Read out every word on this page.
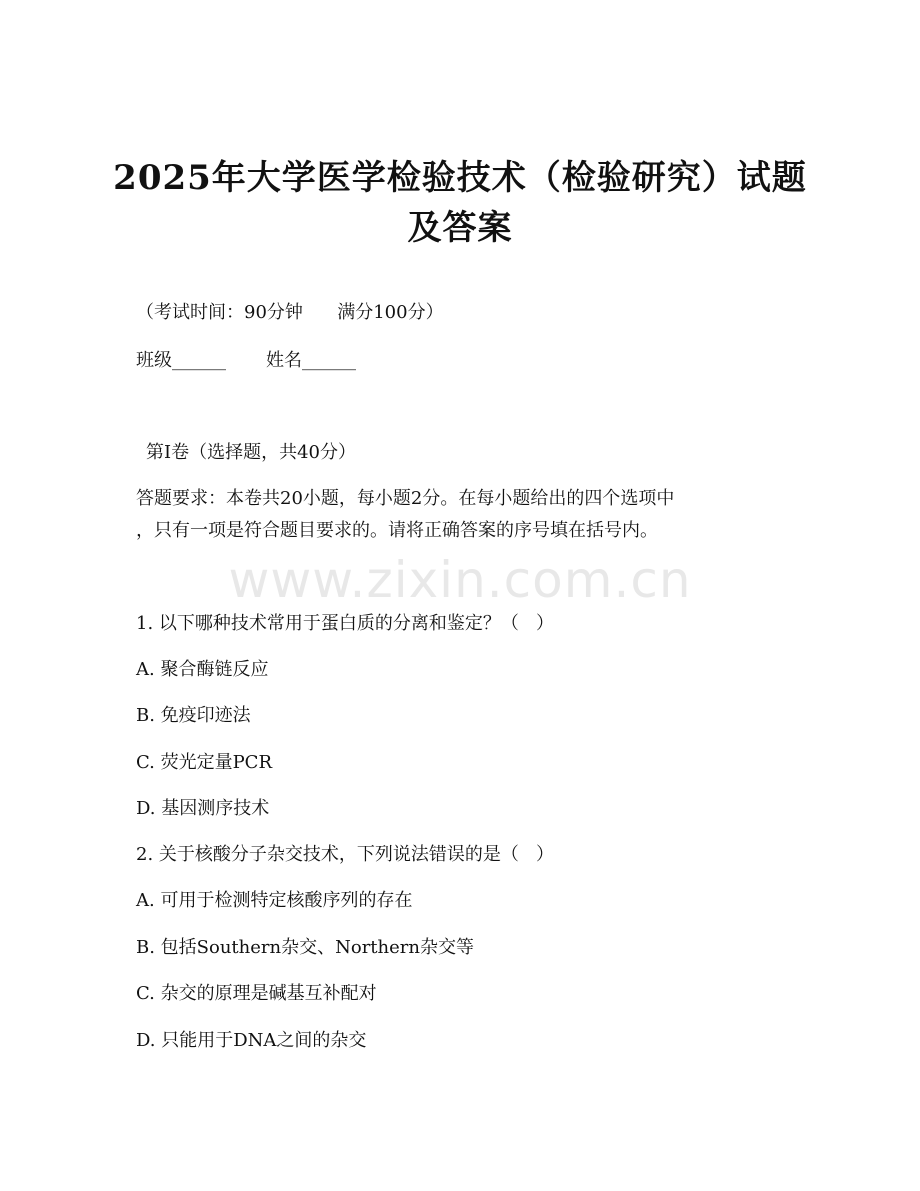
2025年大学医学检验技术（检验研究）试题
及答案
（考试时间：90分钟      满分100分）
班级______       姓名______
第I卷（选择题，共40分）
答题要求：本卷共20小题，每小题2分。在每小题给出的四个选项中
，只有一项是符合题目要求的。请将正确答案的序号填在括号内。
www.zixin.com.cn
1. 以下哪种技术常用于蛋白质的分离和鉴定？（   ）
A. 聚合酶链反应
B. 免疫印迹法
C. 荧光定量PCR
D. 基因测序技术
2. 关于核酸分子杂交技术，下列说法错误的是（   ）
A. 可用于检测特定核酸序列的存在
B. 包括Southern杂交、Northern杂交等
C. 杂交的原理是碱基互补配对
D. 只能用于DNA之间的杂交
